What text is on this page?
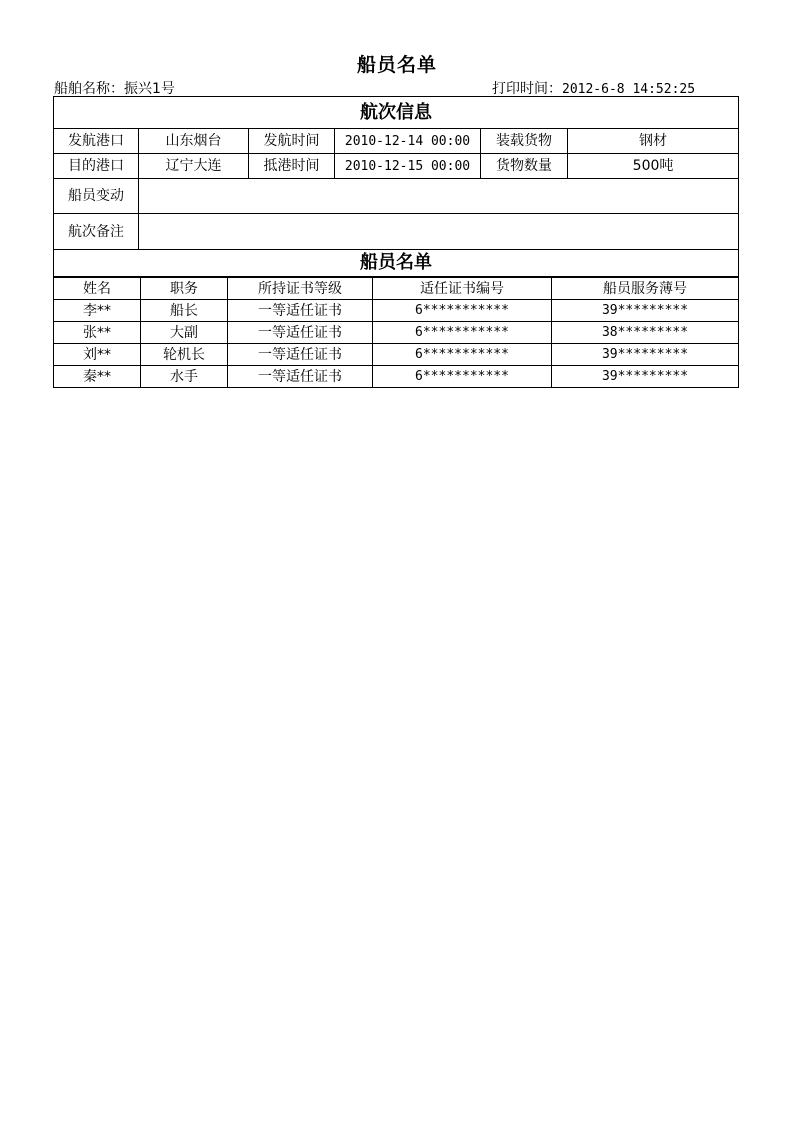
船员名单
船舶名称：振兴1号	打印时间：2012-6-8 14:52:25
航次信息					
发航港口	山东烟台	发航时间	2010-12-14 00:00	装载货物	钢材
目的港口	辽宁大连	抵港时间	2010-12-15 00:00	货物数量	500吨
船员变动					
航次备注					
船员名单					
姓名	职务	所持证书等级	适任证书编号	船员服务薄号
李**	船长	一等适任证书	6***********	39*********
张**	大副	一等适任证书	6***********	38*********
刘**	轮机长	一等适任证书	6***********	39*********
秦**	水手	一等适任证书	6***********	39*********
